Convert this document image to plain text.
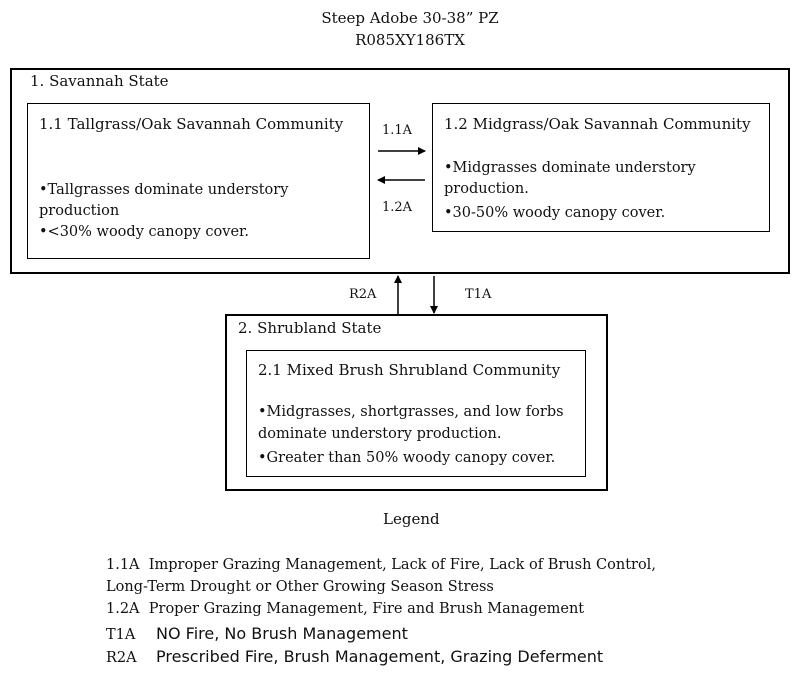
Steep Adobe 30-38” PZ
R085XY186TX
1. Savannah State
1.1 Tallgrass/Oak Savannah Community
•Tallgrasses dominate understory
production
•<30% woody canopy cover.
1.2 Midgrass/Oak Savannah Community
•Midgrasses dominate understory
production.
•30-50% woody canopy cover.
1.1A
1.2A
R2A	T1A
2. Shrubland State
2.1 Mixed Brush Shrubland Community
•Midgrasses, shortgrasses, and low forbs
dominate understory production.
•Greater than 50% woody canopy cover.
Legend
1.1A Improper Grazing Management, Lack of Fire, Lack of Brush Control,
Long-Term Drought or Other Growing Season Stress
1.2A Proper Grazing Management, Fire and Brush Management
T1A NO Fire, No Brush Management
R2A Prescribed Fire, Brush Management, Grazing Deferment
